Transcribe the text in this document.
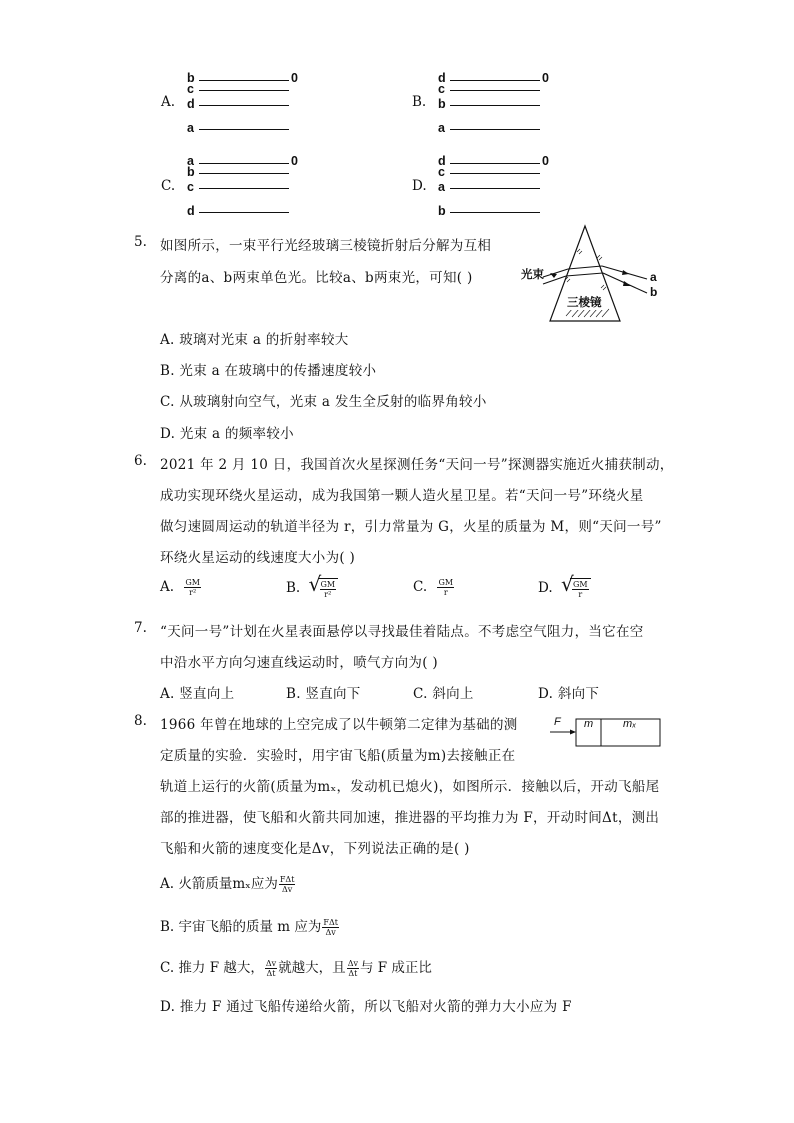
A.
b
c
d
a
0
B.
d
c
b
a
0
C.
a
b
c
d
0
D.
d
c
a
b
0
5. 如图所示，一束平行光经玻璃三棱镜折射后分解为互相
分离的a、b两束单色光。比较a、b两束光，可知( )	光束
三棱镜
a
b
A. 玻璃对光束 a 的折射率较大
B. 光束 a 在玻璃中的传播速度较小
C. 从玻璃射向空气，光束 a 发生全反射的临界角较小
D. 光束 a 的频率较小
6. 2021 年 2 月 10 日，我国首次火星探测任务“天问一号”探测器实施近火捕获制动，
成功实现环绕火星运动，成为我国第一颗人造火星卫星。若“天问一号”环绕火星
做匀速圆周运动的轨道半径为 r，引力常量为 G，火星的质量为 M，则“天问一号”
环绕火星运动的线速度大小为( )
A. $\frac{GM}{\text{r²}}$	B. √
$\frac{GM}{\text{r²}}$	C. $\frac{GM}{r}$	D. √
$\frac{GM}{r}$
7. “天问一号”计划在火星表面悬停以寻找最佳着陆点。不考虑空气阻力，当它在空
中沿水平方向匀速直线运动时，喷气方向为( )
A. 竖直向上	B. 竖直向下	C. 斜向上	D. 斜向下
8. 1966 年曾在地球的上空完成了以牛顿第二定律为基础的测
定质量的实验．实验时，用宇宙飞船(质量为m)去接触正在
轨道上运行的火箭(质量为mₓ，发动机已熄火)，如图所示．接触以后，开动飞船尾
部的推进器，使飞船和火箭共同加速，推进器的平均推力为 F，开动时间Δt，测出
飞船和火箭的速度变化是Δv，下列说法正确的是( )
F m	mₓ
A. 火箭质量mₓ应为 $\frac{\text{FΔt}}{\Delta v}$
B. 宇宙飞船的质量 m 应为 $\frac{\text{FΔt}}{\Delta v}$
C. 推力 F 越大， $\frac{\Delta v}{\Delta t}$ 就越大，且 $\frac{\Delta v}{\Delta t}$ 与 F 成正比
D. 推力 F 通过飞船传递给火箭，所以飞船对火箭的弹力大小应为 F
